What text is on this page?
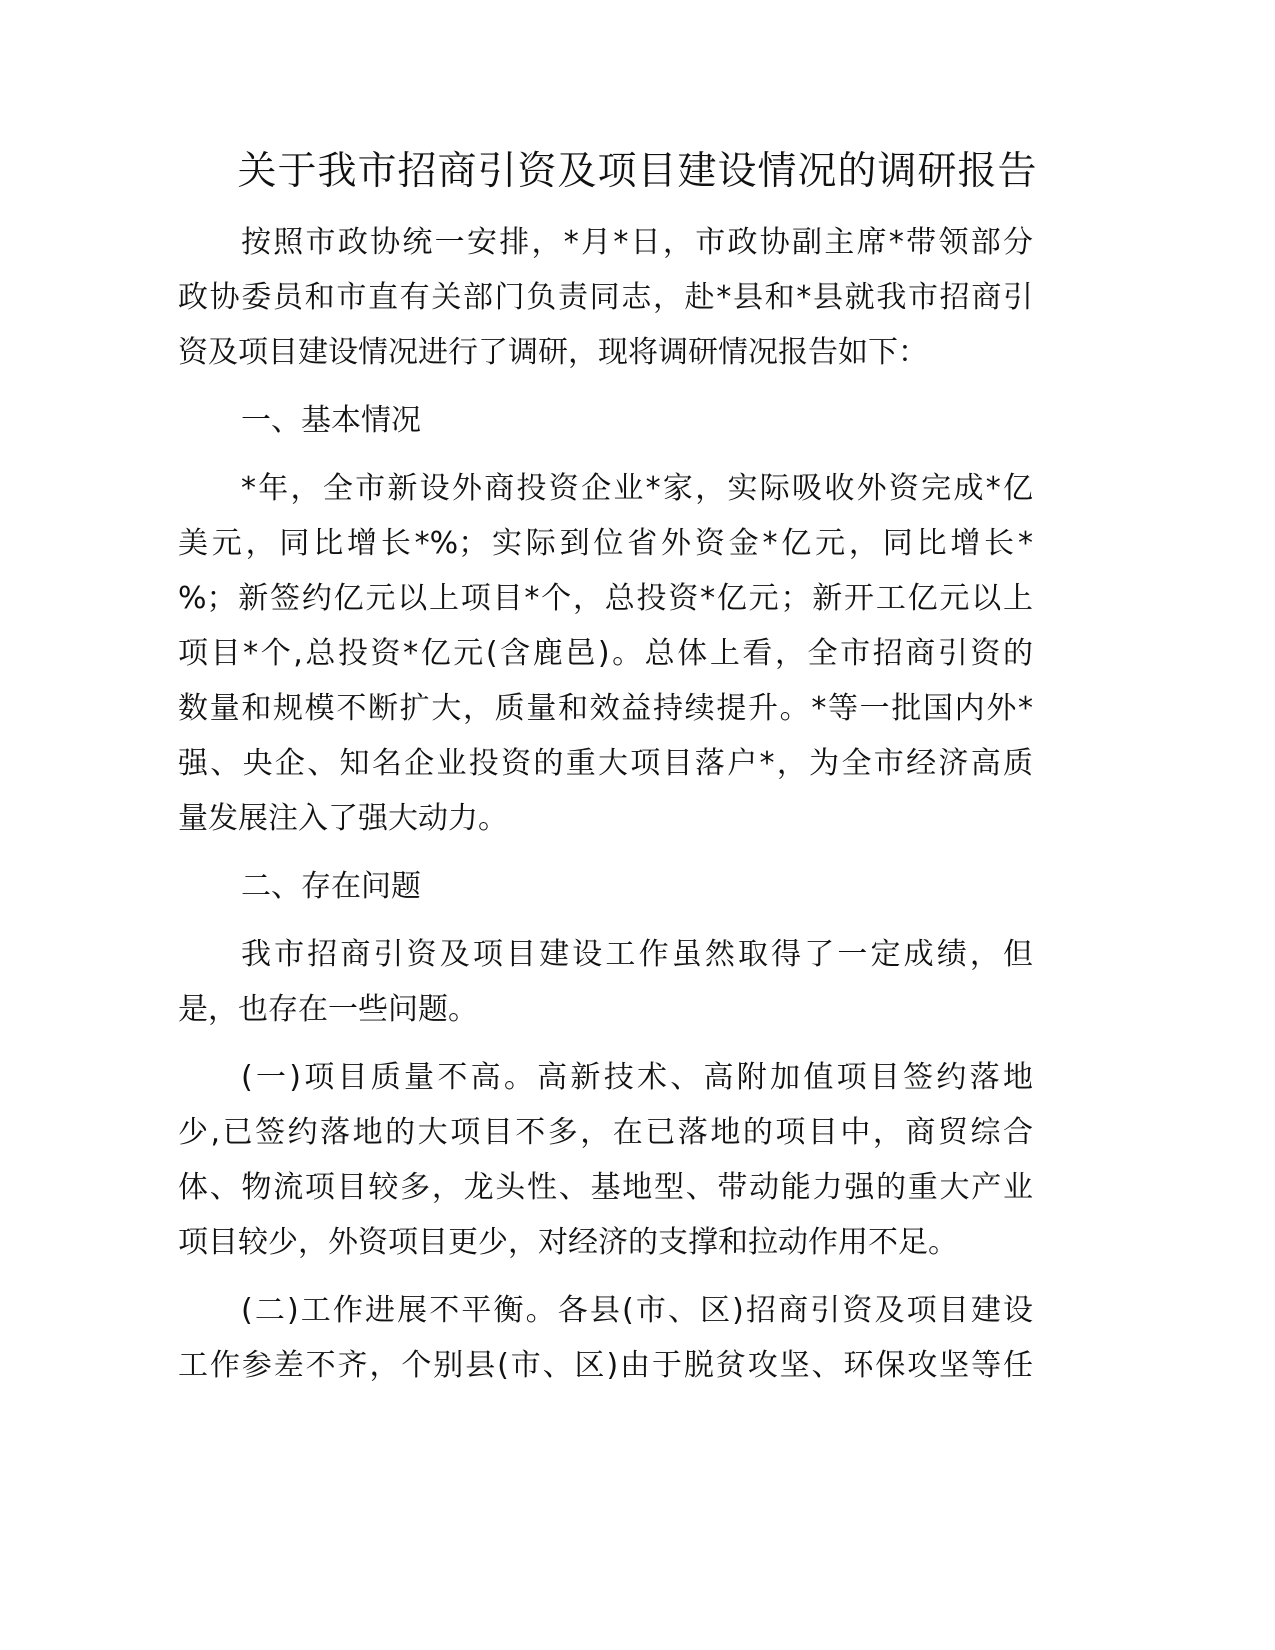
关于我市招商引资及项目建设情况的调研报告
按照市政协统一安排，*月*日，市政协副主席*带领部分
政协委员和市直有关部门负责同志，赴*县和*县就我市招商引
资及项目建设情况进行了调研，现将调研情况报告如下：
一、基本情况
*年，全市新设外商投资企业*家，实际吸收外资完成*亿
美元，同比增长*%；实际到位省外资金*亿元，同比增长*
%；新签约亿元以上项目*个，总投资*亿元；新开工亿元以上
项目*个,总投资*亿元(含鹿邑)。总体上看，全市招商引资的
数量和规模不断扩大，质量和效益持续提升。*等一批国内外*
强、央企、知名企业投资的重大项目落户*，为全市经济高质
量发展注入了强大动力。
二、存在问题
我市招商引资及项目建设工作虽然取得了一定成绩，但
是，也存在一些问题。
(一)项目质量不高。高新技术、高附加值项目签约落地
少,已签约落地的大项目不多，在已落地的项目中，商贸综合
体、物流项目较多，龙头性、基地型、带动能力强的重大产业
项目较少，外资项目更少，对经济的支撑和拉动作用不足。
(二)工作进展不平衡。各县(市、区)招商引资及项目建设
工作参差不齐，个别县(市、区)由于脱贫攻坚、环保攻坚等任
